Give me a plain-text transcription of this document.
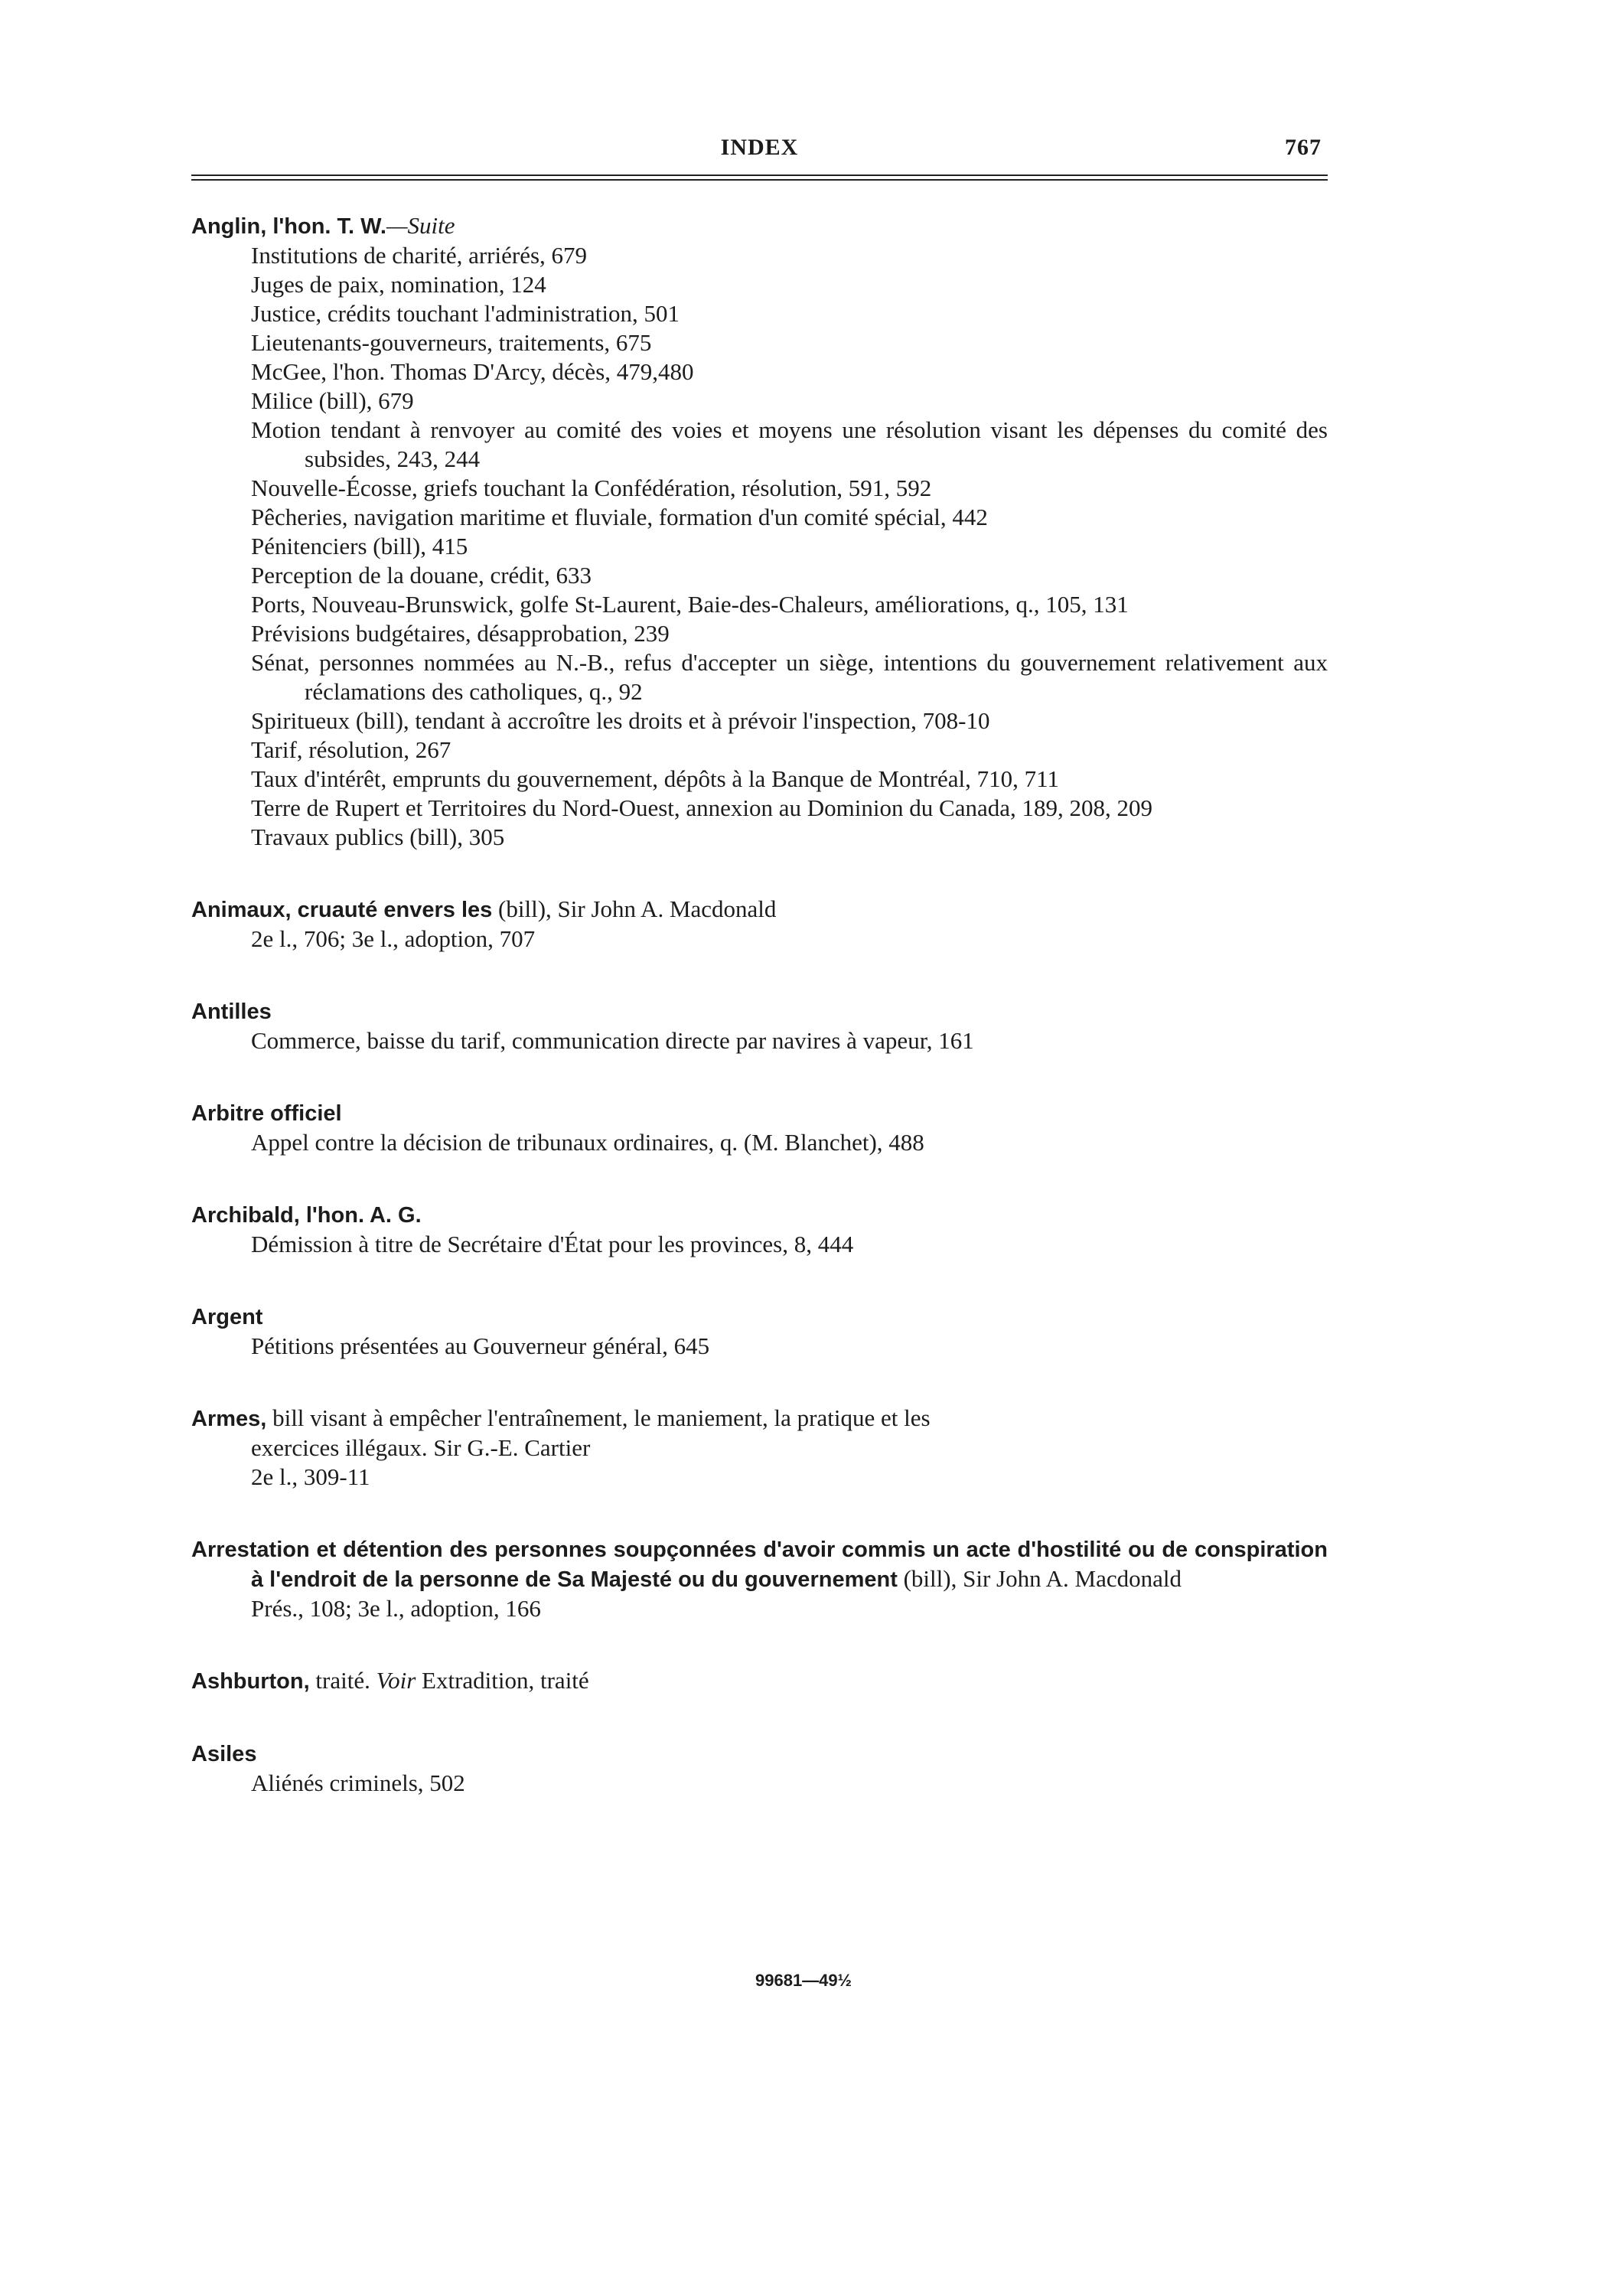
INDEX	767
Anglin, l'hon. T. W.—Suite
Institutions de charité, arriérés, 679
Juges de paix, nomination, 124
Justice, crédits touchant l'administration, 501
Lieutenants-gouverneurs, traitements, 675
McGee, l'hon. Thomas D'Arcy, décès, 479,480
Milice (bill), 679
Motion tendant à renvoyer au comité des voies et moyens une résolution visant les dépenses du comité des subsides, 243, 244
Nouvelle-Écosse, griefs touchant la Confédération, résolution, 591, 592
Pêcheries, navigation maritime et fluviale, formation d'un comité spécial, 442
Pénitenciers (bill), 415
Perception de la douane, crédit, 633
Ports, Nouveau-Brunswick, golfe St-Laurent, Baie-des-Chaleurs, améliorations, q., 105, 131
Prévisions budgétaires, désapprobation, 239
Sénat, personnes nommées au N.-B., refus d'accepter un siège, intentions du gouvernement relativement aux réclamations des catholiques, q., 92
Spiritueux (bill), tendant à accroître les droits et à prévoir l'inspection, 708-10
Tarif, résolution, 267
Taux d'intérêt, emprunts du gouvernement, dépôts à la Banque de Montréal, 710, 711
Terre de Rupert et Territoires du Nord-Ouest, annexion au Dominion du Canada, 189, 208, 209
Travaux publics (bill), 305
Animaux, cruauté envers les (bill), Sir John A. Macdonald
2e l., 706; 3e l., adoption, 707
Antilles
Commerce, baisse du tarif, communication directe par navires à vapeur, 161
Arbitre officiel
Appel contre la décision de tribunaux ordinaires, q. (M. Blanchet), 488
Archibald, l'hon. A. G.
Démission à titre de Secrétaire d'État pour les provinces, 8, 444
Argent
Pétitions présentées au Gouverneur général, 645
Armes, bill visant à empêcher l'entraînement, le maniement, la pratique et les
exercices illégaux. Sir G.-E. Cartier
2e l., 309-11
Arrestation et détention des personnes soupçonnées d'avoir commis un acte d'hostilité ou de conspiration à l'endroit de la personne de Sa Majesté ou du gouvernement (bill), Sir John A. Macdonald
Prés., 108; 3e l., adoption, 166
Ashburton, traité. Voir Extradition, traité
Asiles
Aliénés criminels, 502
99681—49½
